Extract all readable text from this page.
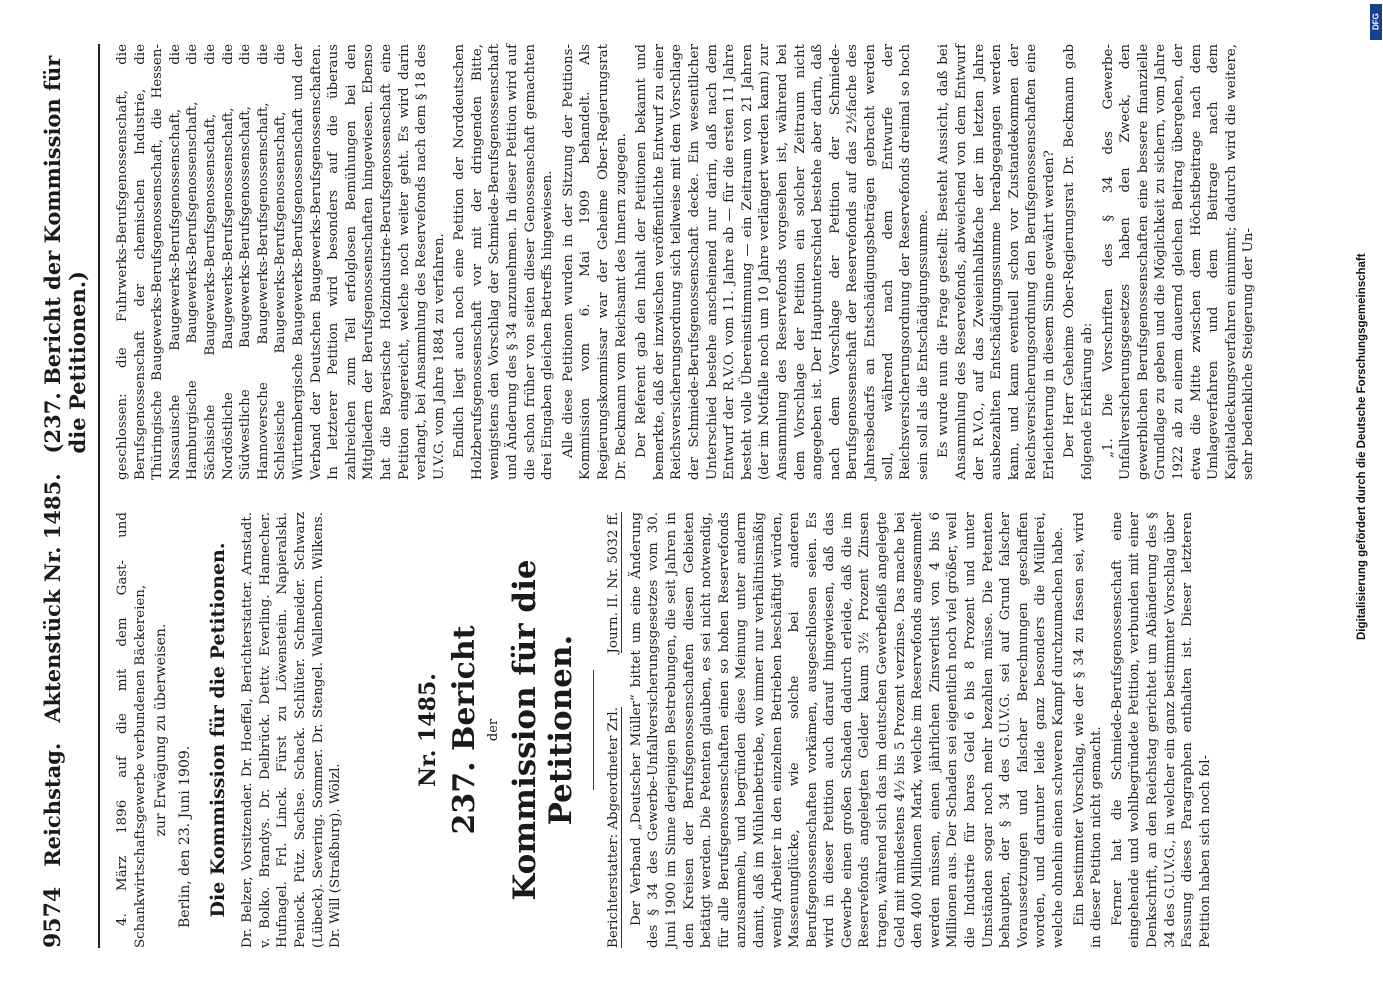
9574
Reichstag.
Aktenstück Nr. 1485.
(237. Bericht der Kommission für die Petitionen.)

4. März 1896 auf die mit dem Gast- und Schankwirtschaftsgewerbe verbundenen Bäckereien, zur Erwägung zu überweisen.
Berlin, den 23. Juni 1909. Die Kommission für die Petitionen. Dr. Belzer, Vorsitzender. Dr. Hoeffel, Berichterstatter. Arnstadt. v. Bolko. Brandys. Dr. Delbrück. Dettv. Everling. Hamecher. Hufnagel. Frl. Linck. Fürst zu Löwenstein. Napieralski. Peniock. Pütz. Sachse. Schack. Schlüter. Schneider. Schwarz (Lübeck). Severing. Sommer. Dr. Stengel. Wallenborn. Wilkens. Dr. Will (Straßburg). Wölzl.
Nr. 1485. 237. Bericht der Kommission für die Petitionen. Berichterstatter: Abgeordneter Zrl.
Journ. II. Nr. 5032 ff. Der Verband „Deutscher Müller“ bittet um eine Änderung des § 34 des Gewerbe-Unfallversicherungsgesetzes vom 30. Juni 1900 im Sinne derjenigen Bestrebungen, die seit Jahren in den Kreisen der Berufsgenossenschaften diesen Gebieten betätigt werden. Die Petenten glauben, es sei nicht notwendig, für alle Berufsgenossenschaften einen so hohen Reservefonds anzusammeln, und begründen diese Meinung unter anderm damit, daß im Mühlenbetriebe, wo immer nur verhältnismäßig wenig Arbeiter in den einzelnen Betrieben beschäftigt würden, Massenunglücke, wie solche bei anderen Berufsgenossenschaften vorkämen, ausgeschlossen seien. Es wird in dieser Petition auch darauf hingewiesen, daß das Gewerbe einen großen Schaden dadurch erleide, daß die im Reservefonds angelegten Gelder kaum 3½ Prozent Zinsen tragen, während sich das im deutschen Gewerbefleiß angelegte Geld mit mindestens 4½ bis 5 Prozent verzinse. Das mache bei den 400 Millionen Mark, welche im Reservefonds angesammelt werden müssen, einen jährlichen Zinsverlust von 4 bis 6 Millionen aus. Der Schaden sei eigentlich noch viel größer, weil die Industrie für bares Geld 6 bis 8 Prozent und unter Umständen sogar noch mehr bezahlen müsse. Die Petenten behaupten, der § 34 des G.U.V.G. sei auf Grund falscher Voraussetzungen und falscher Berechnungen geschaffen worden, und darunter leide ganz besonders die Müllerei, welche ohnehin einen schweren Kampf durchzumachen habe. Ein bestimmter Vorschlag, wie der § 34 zu fassen sei, wird in dieser Petition nicht gemacht. Ferner hat die Schmiede-Berufsgenossenschaft eine eingehende und wohlbegründete Petition, verbunden mit einer Denkschrift, an den Reichstag gerichtet um Abänderung des § 34 des G.U.V.G., in welcher ein ganz bestimmter Vorschlag über Fassung dieses Paragraphen enthalten ist. Dieser letzteren Petition haben sich noch fol-

geschlossen: die Fuhrwerks-Berufsgenossenschaft, die Berufsgenossenschaft der chemischen Industrie, die Thüringische Baugewerks-Berufsgenossenschaft, die Hessen-Nassauische Baugewerks-Berufsgenossenschaft, die Hamburgische Baugewerks-Berufsgenossenschaft, die Sächsische Baugewerks-Berufsgenossenschaft, die Nordöstliche Baugewerks-Berufsgenossenschaft, die Südwestliche Baugewerks-Berufsgenossenschaft, die Hannoversche Baugewerks-Berufsgenossenschaft, die Schlesische Baugewerks-Berufsgenossenschaft, die Württembergische Baugewerks-Berufsgenossenschaft und der Verband der Deutschen Baugewerks-Berufsgenossenschaften. In letzterer Petition wird besonders auf die überaus zahlreichen zum Teil erfolglosen Bemühungen bei den Mitgliedern der Berufsgenossenschaften hingewiesen. Ebenso hat die Bayerische Holzindustrie-Berufsgenossenschaft eine Petition eingereicht, welche noch weiter geht. Es wird darin verlangt, bei Ansammlung des Reservefonds nach dem § 18 des U.V.G. vom Jahre 1884 zu verfahren. Endlich liegt auch noch eine Petition der Norddeutschen Holzberufsgenossenschaft vor mit der dringenden Bitte, wenigstens den Vorschlag der Schmiede-Berufsgenossenschaft und Änderung des § 34 anzunehmen. In dieser Petition wird auf die schon früher von seiten dieser Genossenschaft gemachten drei Eingaben gleichen Betreffs hingewiesen. Alle diese Petitionen wurden in der Sitzung der Petitions-Kommission vom 6. Mai 1909 behandelt. Als Regierungskommissar war der Geheime Ober-Regierungsrat Dr. Beckmann vom Reichsamt des Innern zugegen. Der Referent gab den Inhalt der Petitionen bekannt und bemerkte, daß der inzwischen veröffentlichte Entwurf zu einer Reichsversicherungsordnung sich teilweise mit dem Vorschlage der Schmiede-Berufsgenossenschaft decke. Ein wesentlicher Unterschied bestehe anscheinend nur darin, daß nach dem Entwurf der R.V.O. vom 11. Jahre ab — für die ersten 11 Jahre besteht volle Übereinstimmung — ein Zeitraum von 21 Jahren (der im Notfalle noch um 10 Jahre verlängert werden kann) zur Ansammlung des Reservefonds vorgesehen ist, während bei dem Vorschlage der Petition ein solcher Zeitraum nicht angegeben ist. Der Hauptunterschied bestehe aber darin, daß nach dem Vorschlage der Petition der Schmiede-Berufsgenossenschaft der Reservefonds auf das 2½fache des Jahresbedarfs an Entschädigungsbeträgen gebracht werden soll, während nach dem Entwurfe der Reichsversicherungsordnung der Reservefonds dreimal so hoch sein soll als die Entschädigungssumme. Es wurde nun die Frage gestellt: Besteht Aussicht, daß bei Ansammlung des Reservefonds, abweichend von dem Entwurf der R.V.O., auf das Zweieinhalbfache der im letzten Jahre ausbezahlten Entschädigungssumme herabgegangen werden kann, und kann eventuell schon vor Zustandekommen der Reichsversicherungsordnung den Berufsgenossenschaften eine Erleichterung in diesem Sinne gewährt werden? Der Herr Geheime Ober-Regierungsrat Dr. Beckmann gab folgende Erklärung ab: „1. Die Vorschriften des § 34 des Gewerbe-Unfallversicherungsgesetzes haben den Zweck, den gewerblichen Berufsgenossenschaften eine bessere finanzielle Grundlage zu geben und die Möglichkeit zu sichern, vom Jahre 1922 ab zu einem dauernd gleichen Beitrag übergehen, der etwa die Mitte zwischen dem Höchstbeitrage nach dem Umlageverfahren und dem Beitrage nach dem Kapitaldeckungsverfahren einnimmt; dadurch wird die weitere, sehr bedenkliche Steigerung der Un-	Digitalisierung gefördert durch die Deutsche Forschungsgemeinschaft
DFG
